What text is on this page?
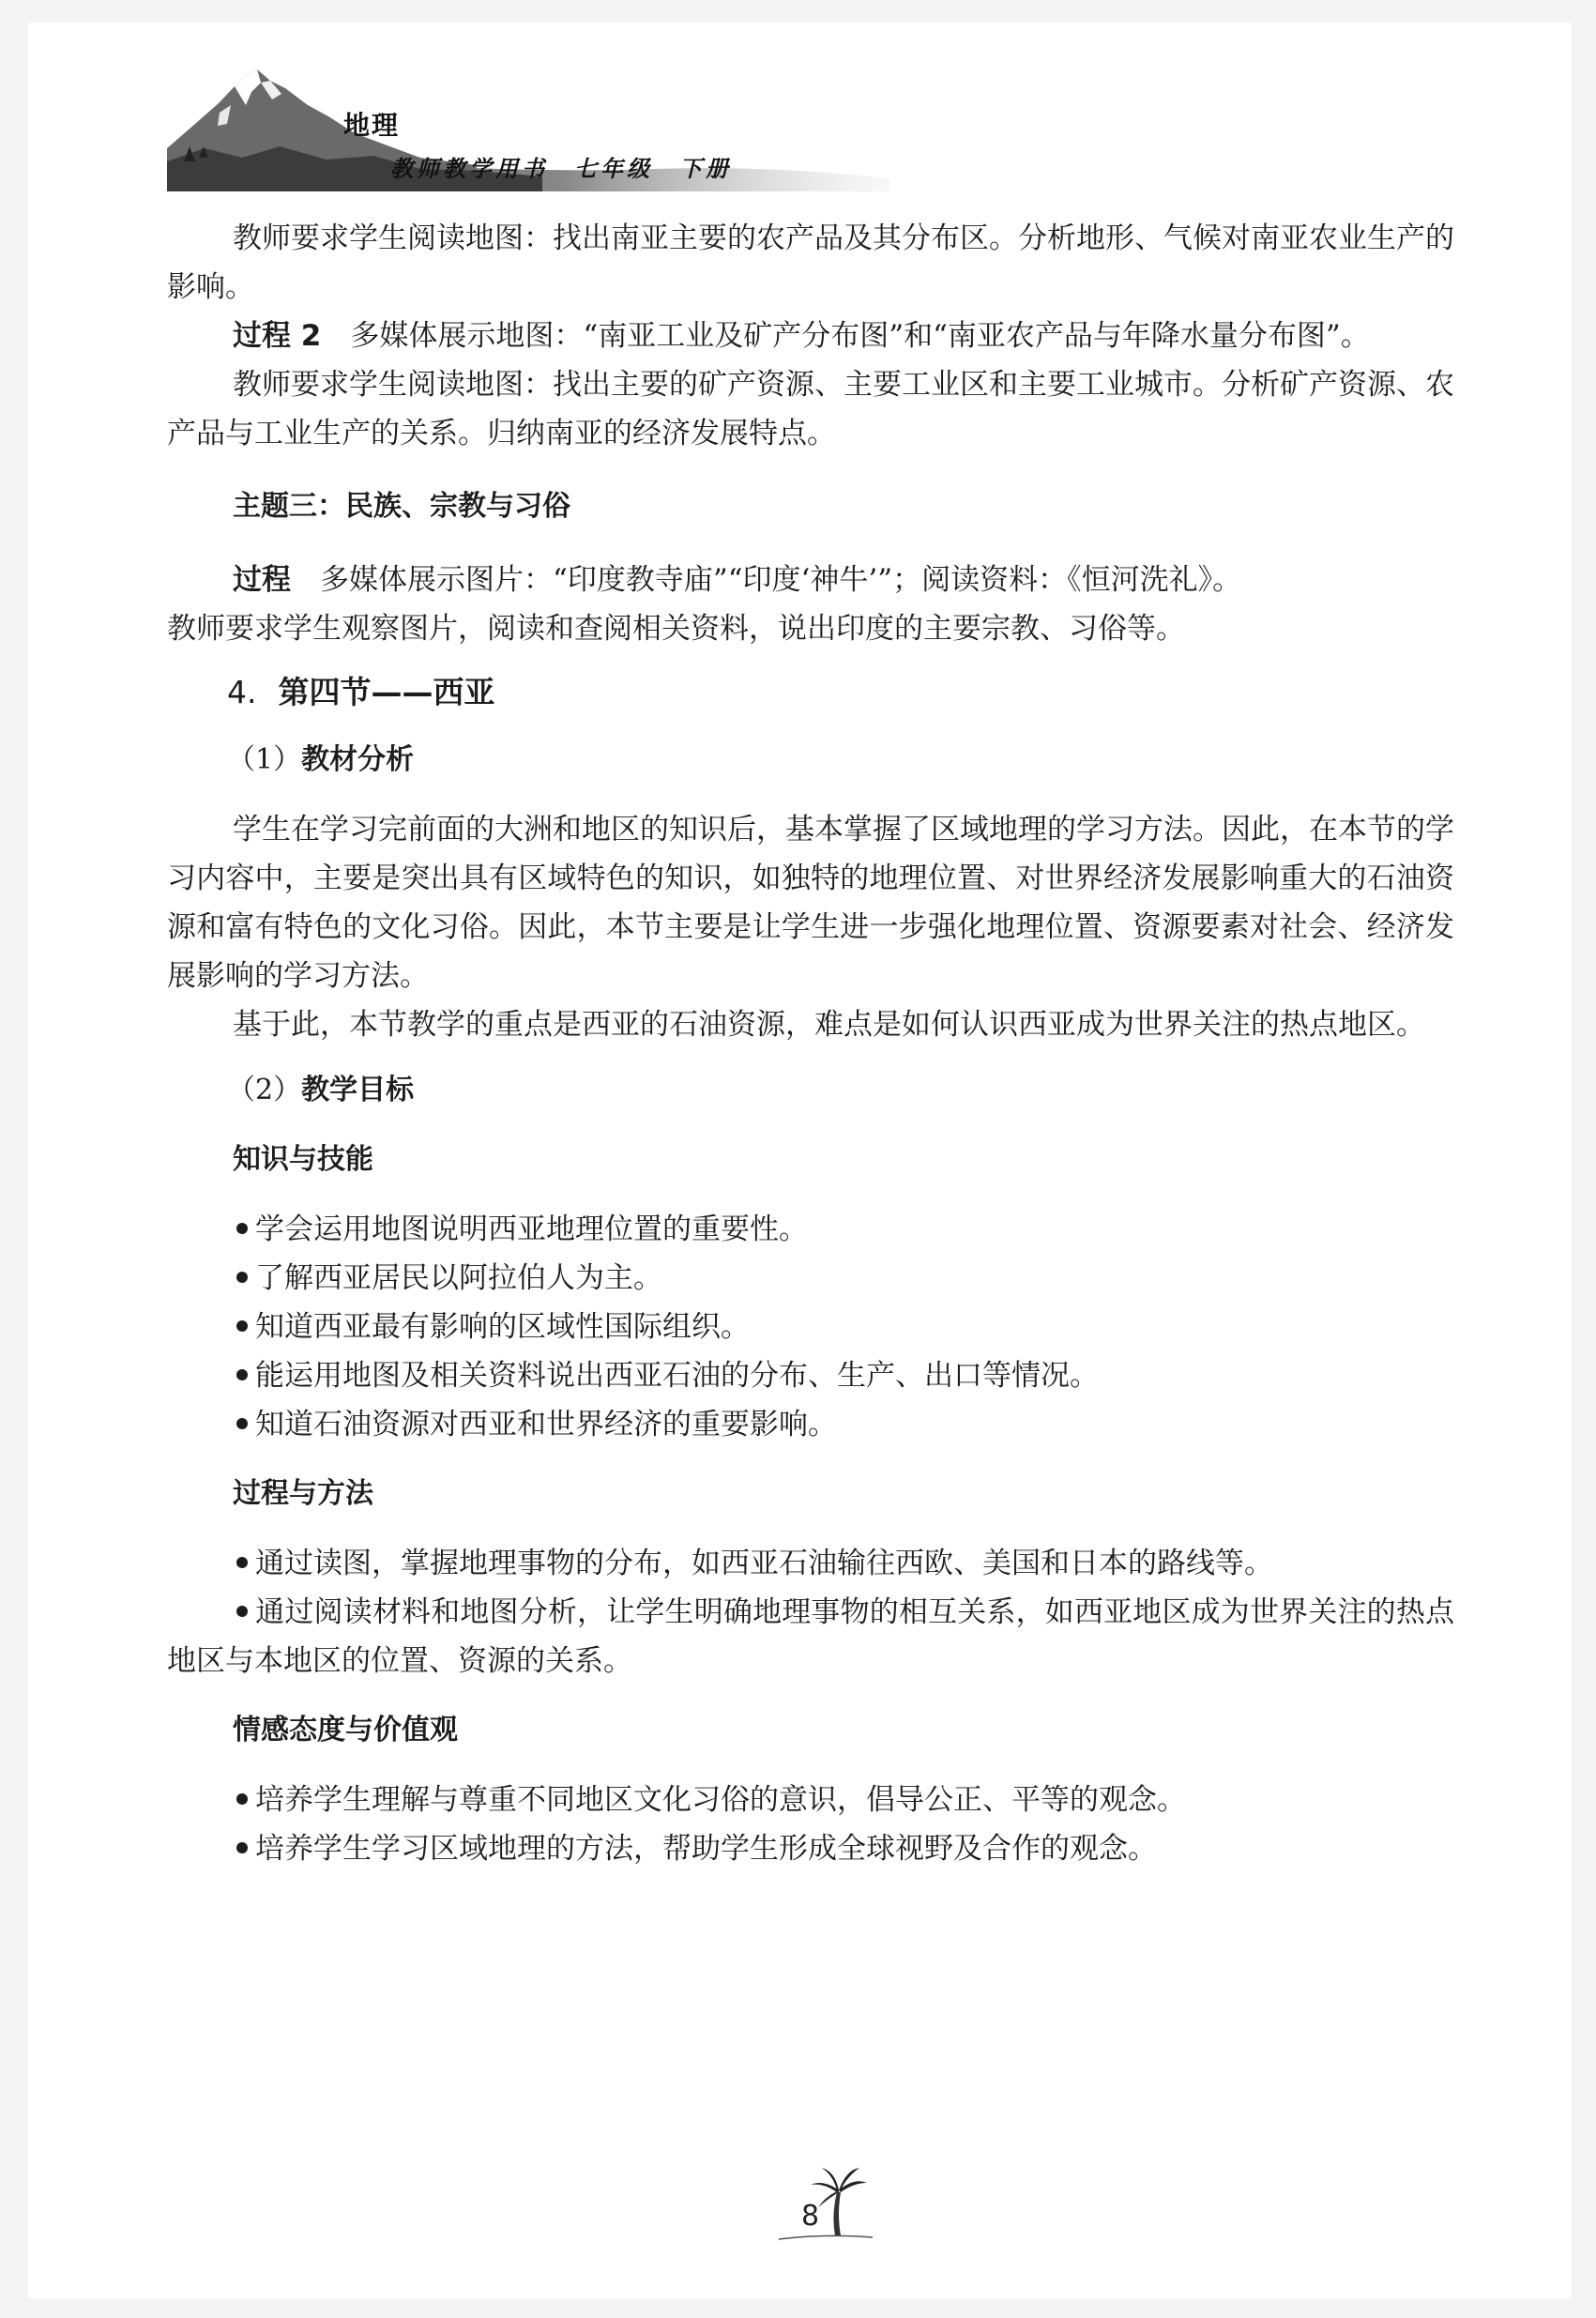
地理
教师教学用书　七年级　下册

教师要求学生阅读地图：找出南亚主要的农产品及其分布区。分析地形、气候对南亚农业生产的影响。

过程 2　多媒体展示地图：“南亚工业及矿产分布图”和“南亚农产品与年降水量分布图”。

教师要求学生阅读地图：找出主要的矿产资源、主要工业区和主要工业城市。分析矿产资源、农产品与工业生产的关系。归纳南亚的经济发展特点。

主题三：民族、宗教与习俗

过程　多媒体展示图片：“印度教寺庙”“印度‘神牛’”；阅读资料：《恒河洗礼》。

教师要求学生观察图片，阅读和查阅相关资料，说出印度的主要宗教、习俗等。

4. 第四节——西亚

（1）教材分析

学生在学习完前面的大洲和地区的知识后，基本掌握了区域地理的学习方法。因此，在本节的学习内容中，主要是突出具有区域特色的知识，如独特的地理位置、对世界经济发展影响重大的石油资源和富有特色的文化习俗。因此，本节主要是让学生进一步强化地理位置、资源要素对社会、经济发展影响的学习方法。

基于此，本节教学的重点是西亚的石油资源，难点是如何认识西亚成为世界关注的热点地区。

（2）教学目标

知识与技能

学会运用地图说明西亚地理位置的重要性。

了解西亚居民以阿拉伯人为主。

知道西亚最有影响的区域性国际组织。

能运用地图及相关资料说出西亚石油的分布、生产、出口等情况。

知道石油资源对西亚和世界经济的重要影响。

过程与方法

通过读图，掌握地理事物的分布，如西亚石油输往西欧、美国和日本的路线等。

通过阅读材料和地图分析，让学生明确地理事物的相互关系，如西亚地区成为世界关注的热点地区与本地区的位置、资源的关系。

情感态度与价值观

培养学生理解与尊重不同地区文化习俗的意识，倡导公正、平等的观念。

培养学生学习区域地理的方法，帮助学生形成全球视野及合作的观念。

8
